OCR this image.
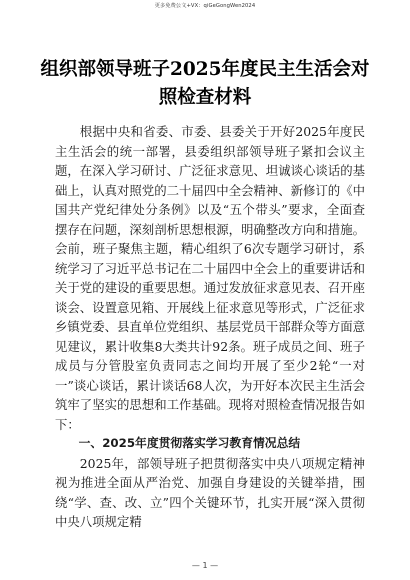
更多免费公文+VX：qiGeGongWen2024
组织部领导班子2025年度民主生活会对
照检查材料

根据中央和省委、市委、县委关于开好2025年度民主生活会的统一部署，县委组织部领导班子紧扣会议主题，在深入学习研讨、广泛征求意见、坦诚谈心谈话的基础上，认真对照党的二十届四中全会精神、新修订的《中国共产党纪律处分条例》以及“五个带头”要求，全面查摆存在问题，深刻剖析思想根源，明确整改方向和措施。会前，班子聚焦主题，精心组织了6次专题学习研讨，系统学习了习近平总书记在二十届四中全会上的重要讲话和关于党的建设的重要思想。通过发放征求意见表、召开座谈会、设置意见箱、开展线上征求意见等形式，广泛征求乡镇党委、县直单位党组织、基层党员干部群众等方面意见建议，累计收集8大类共计92条。班子成员之间、班子成员与分管股室负责同志之间均开展了至少2轮“一对一”谈心谈话，累计谈话68人次，为开好本次民主生活会筑牢了坚实的思想和工作基础。现将对照检查情况报告如下：

一、2025年度贯彻落实学习教育情况总结

2025年，部领导班子把贯彻落实中央八项规定精神视为推进全面从严治党、加强自身建设的关键举措，围绕“学、查、改、立”四个关键环节，扎实开展“深入贯彻中央八项规定精

— 1 —
